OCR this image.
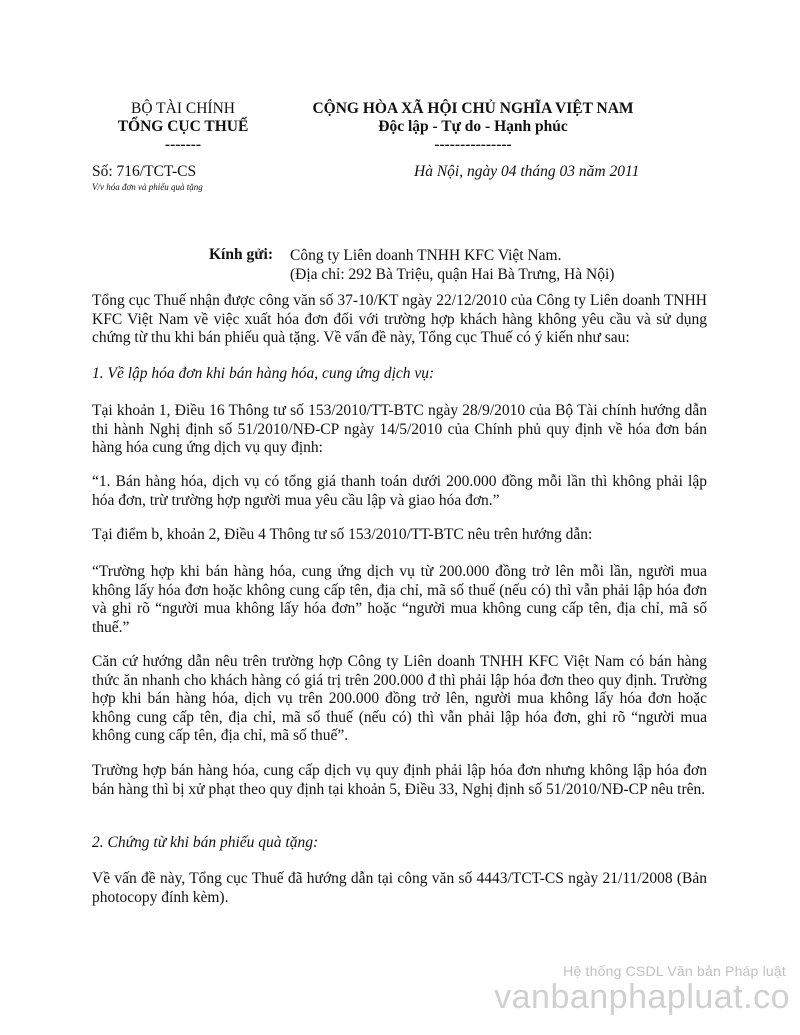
BỘ TÀI CHÍNH
TỔNG CỤC THUẾ
-------
CỘNG HÒA XÃ HỘI CHỦ NGHĨA VIỆT NAM
Độc lập - Tự do - Hạnh phúc
---------------
Số: 716/TCT-CS
V/v hóa đơn và phiếu quà tặng
Hà Nội, ngày 04 tháng 03 năm 2011
Kính gửi: Công ty Liên doanh TNHH KFC Việt Nam.
(Địa chỉ: 292 Bà Triệu, quận Hai Bà Trưng, Hà Nội)
Tổng cục Thuế nhận được công văn số 37-10/KT ngày 22/12/2010 của Công ty Liên doanh TNHH KFC Việt Nam về việc xuất hóa đơn đối với trường hợp khách hàng không yêu cầu và sử dụng chứng từ thu khi bán phiếu quà tặng. Về vấn đề này, Tổng cục Thuế có ý kiến như sau:
1. Về lập hóa đơn khi bán hàng hóa, cung ứng dịch vụ:
Tại khoản 1, Điều 16 Thông tư số 153/2010/TT-BTC ngày 28/9/2010 của Bộ Tài chính hướng dẫn thi hành Nghị định số 51/2010/NĐ-CP ngày 14/5/2010 của Chính phủ quy định về hóa đơn bán hàng hóa cung ứng dịch vụ quy định:
“1. Bán hàng hóa, dịch vụ có tổng giá thanh toán dưới 200.000 đồng mỗi lần thì không phải lập hóa đơn, trừ trường hợp người mua yêu cầu lập và giao hóa đơn.”
Tại điểm b, khoản 2, Điều 4 Thông tư số 153/2010/TT-BTC nêu trên hướng dẫn:
“Trường hợp khi bán hàng hóa, cung ứng dịch vụ từ 200.000 đồng trở lên mỗi lần, người mua không lấy hóa đơn hoặc không cung cấp tên, địa chỉ, mã số thuế (nếu có) thì vẫn phải lập hóa đơn và ghi rõ “người mua không lấy hóa đơn” hoặc “người mua không cung cấp tên, địa chỉ, mã số thuế.”
Căn cứ hướng dẫn nêu trên trường hợp Công ty Liên doanh TNHH KFC Việt Nam có bán hàng thức ăn nhanh cho khách hàng có giá trị trên 200.000 đ thì phải lập hóa đơn theo quy định. Trường hợp khi bán hàng hóa, dịch vụ trên 200.000 đồng trở lên, người mua không lấy hóa đơn hoặc không cung cấp tên, địa chỉ, mã số thuế (nếu có) thì vẫn phải lập hóa đơn, ghi rõ “người mua không cung cấp tên, địa chỉ, mã số thuế”.
Trường hợp bán hàng hóa, cung cấp dịch vụ quy định phải lập hóa đơn nhưng không lập hóa đơn bán hàng thì bị xử phạt theo quy định tại khoản 5, Điều 33, Nghị định số 51/2010/NĐ-CP nêu trên.
2. Chứng từ khi bán phiếu quà tặng:
Về vấn đề này, Tổng cục Thuế đã hướng dẫn tại công văn số 4443/TCT-CS ngày 21/11/2008 (Bản photocopy đính kèm).
Hệ thống CSDL Văn bản Pháp luật
vanbanphapluat.co
